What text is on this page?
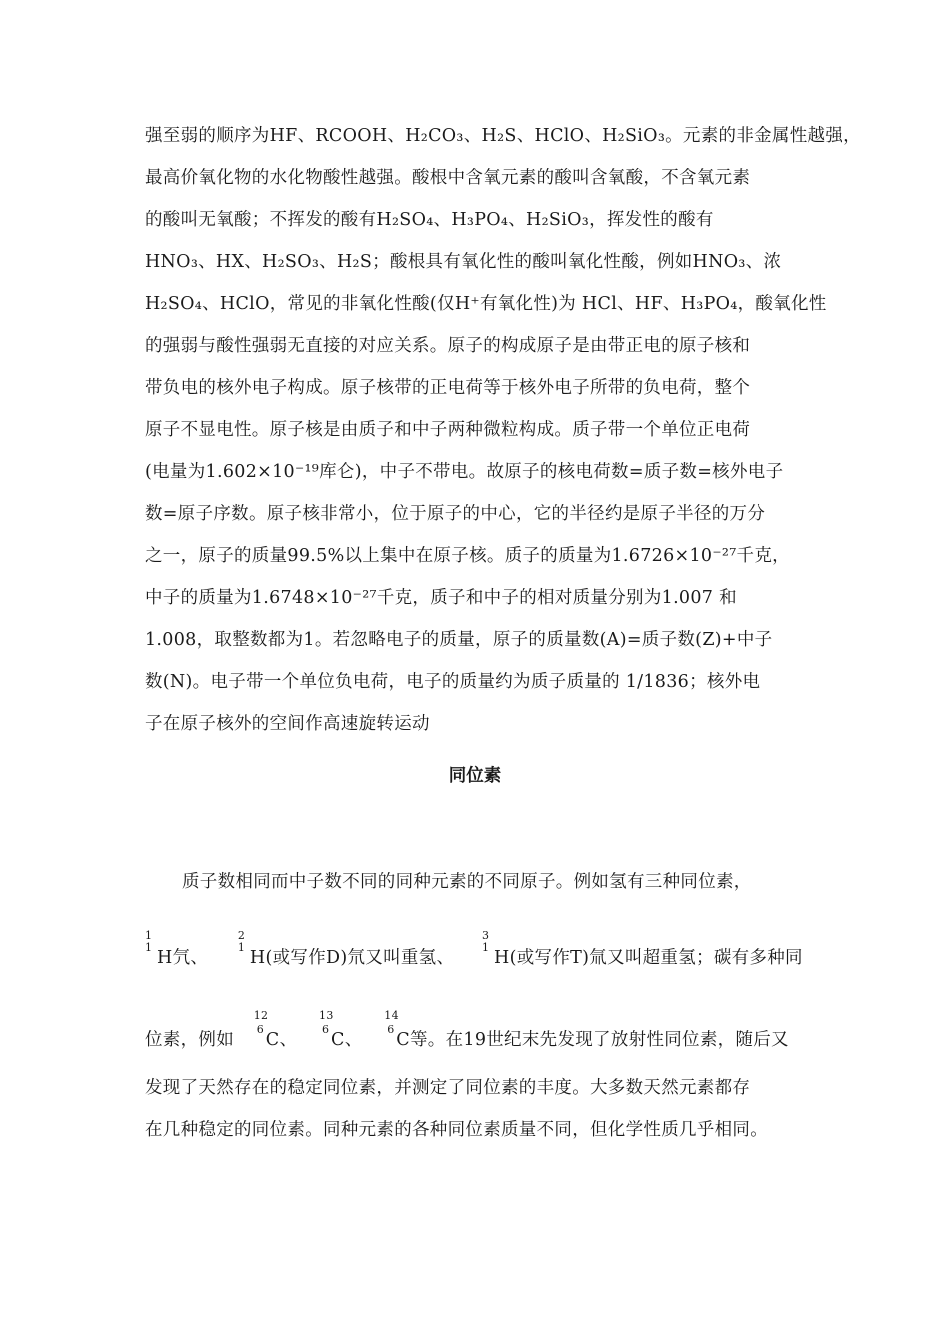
强至弱的顺序为HF、RCOOH、H₂CO₃、H₂S、HClO、H₂SiO₃。元素的非金属性越强，
最高价氧化物的水化物酸性越强。酸根中含氧元素的酸叫含氧酸，不含氧元素
的酸叫无氧酸；不挥发的酸有H₂SO₄、H₃PO₄、H₂SiO₃，挥发性的酸有
HNO₃、HX、H₂SO₃、H₂S；酸根具有氧化性的酸叫氧化性酸，例如HNO₃、浓
H₂SO₄、HClO，常见的非氧化性酸(仅H⁺有氧化性)为 HCl、HF、H₃PO₄，酸氧化性
的强弱与酸性强弱无直接的对应关系。原子的构成原子是由带正电的原子核和
带负电的核外电子构成。原子核带的正电荷等于核外电子所带的负电荷，整个
原子不显电性。原子核是由质子和中子两种微粒构成。质子带一个单位正电荷
(电量为1.602×10⁻¹⁹库仑)，中子不带电。故原子的核电荷数=质子数=核外电子
数=原子序数。原子核非常小，位于原子的中心，它的半径约是原子半径的万分
之一，原子的质量99.5%以上集中在原子核。质子的质量为1.6726×10⁻²⁷千克，
中子的质量为1.6748×10⁻²⁷千克，质子和中子的相对质量分别为1.007 和
1.008，取整数都为1。若忽略电子的质量，原子的质量数(A)=质子数(Z)+中子
数(N)。电子带一个单位负电荷，电子的质量约为质子质量的 1/1836；核外电
子在原子核外的空间作高速旋转运动
同位素
质子数相同而中子数不同的同种元素的不同原子。例如氢有三种同位素，
1
1
H氕、
2
1
H(或写作D)氘又叫重氢、
3
1
H(或写作T)氚又叫超重氢；碳有多种同
位素，例如
12
6
C、
13
6
C、
14
6
C等。在19世纪末先发现了放射性同位素，随后又
发现了天然存在的稳定同位素，并测定了同位素的丰度。大多数天然元素都存
在几种稳定的同位素。同种元素的各种同位素质量不同，但化学性质几乎相同。
